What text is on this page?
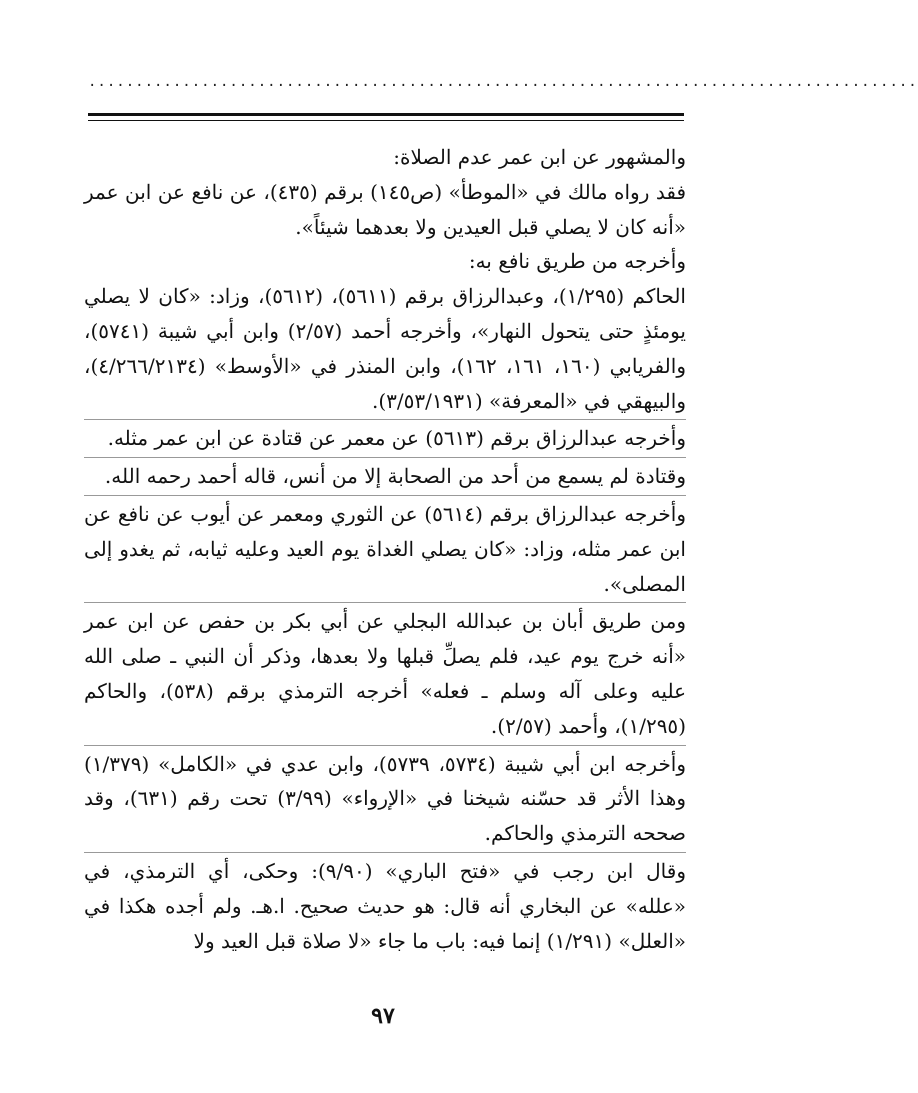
........................................................................................

والمشهور عن ابن عمر عدم الصلاة:

فقد رواه مالك في «الموطأ» (ص١٤٥) برقم (٤٣٥)، عن نافع عن ابن عمر «أنه كان لا يصلي قبل العيدين ولا بعدهما شيئاً».

وأخرجه من طريق نافع به:

الحاكم (١/٢٩٥)، وعبدالرزاق برقم (٥٦١١)، (٥٦١٢)، وزاد: «كان لا يصلي يومئذٍ حتى يتحول النهار»، وأخرجه أحمد (٢/٥٧) وابن أبي شيبة (٥٧٤١)، والفريابي (١٦٠، ١٦١، ١٦٢)، وابن المنذر في «الأوسط» (٤/٢٦٦/٢١٣٤)، والبيهقي في «المعرفة» (٣/٥٣/١٩٣١).

وأخرجه عبدالرزاق برقم (٥٦١٣) عن معمر عن قتادة عن ابن عمر مثله.

وقتادة لم يسمع من أحد من الصحابة إلا من أنس، قاله أحمد رحمه الله.

وأخرجه عبدالرزاق برقم (٥٦١٤) عن الثوري ومعمر عن أيوب عن نافع عن ابن عمر مثله، وزاد: «كان يصلي الغداة يوم العيد وعليه ثيابه، ثم يغدو إلى المصلى».

ومن طريق أبان بن عبدالله البجلي عن أبي بكر بن حفص عن ابن عمر «أنه خرج يوم عيد، فلم يصلِّ قبلها ولا بعدها، وذكر أن النبي ـ صلى الله عليه وعلى آله وسلم ـ فعله» أخرجه الترمذي برقم (٥٣٨)، والحاكم (١/٢٩٥)، وأحمد (٢/٥٧).

وأخرجه ابن أبي شيبة (٥٧٣٤، ٥٧٣٩)، وابن عدي في «الكامل» (١/٣٧٩) وهذا الأثر قد حسّنه شيخنا في «الإرواء» (٣/٩٩) تحت رقم (٦٣١)، وقد صححه الترمذي والحاكم.

وقال ابن رجب في «فتح الباري» (٩/٩٠): وحكى، أي الترمذي، في «علله» عن البخاري أنه قال: هو حديث صحيح. ا.هـ. ولم أجده هكذا في «العلل» (١/٢٩١) إنما فيه: باب ما جاء «لا صلاة قبل العيد ولا

٩٧
